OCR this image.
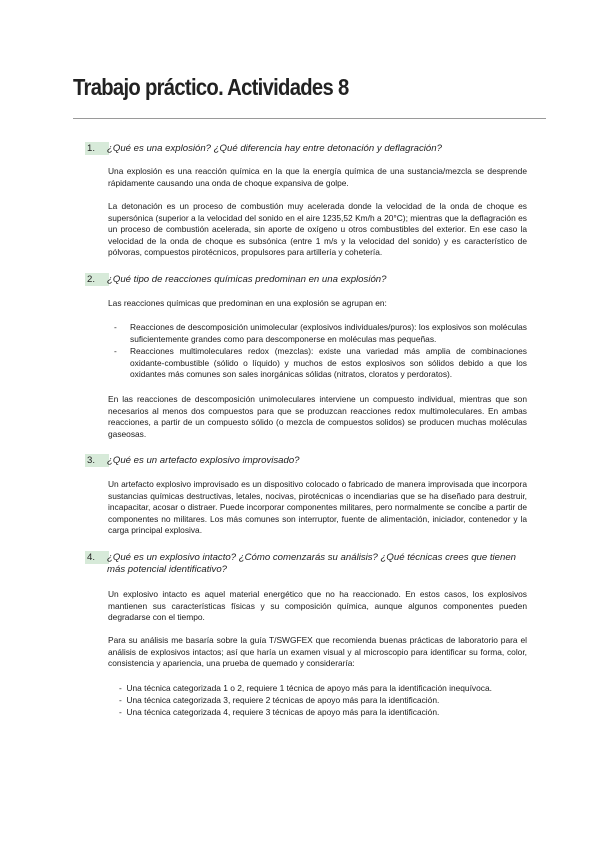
Trabajo práctico. Actividades 8
1.	¿Qué es una explosión? ¿Qué diferencia hay entre detonación y deflagración?
Una explosión es una reacción química en la que la energía química de una sustancia/mezcla se desprende rápidamente causando una onda de choque expansiva de golpe.
La detonación es un proceso de combustión muy acelerada donde la velocidad de la onda de choque es supersónica (superior a la velocidad del sonido en el aire 1235,52 Km/h a 20°C); mientras que la deflagración es un proceso de combustión acelerada, sin aporte de oxígeno u otros combustibles del exterior. En ese caso la velocidad de la onda de choque es subsónica (entre 1 m/s y la velocidad del sonido) y es característico de pólvoras, compuestos pirotécnicos, propulsores para artillería y cohetería.
2.	¿Qué tipo de reacciones químicas predominan en una explosión?
Las reacciones químicas que predominan en una explosión se agrupan en:
- Reacciones de descomposición unimolecular (explosivos individuales/puros): los explosivos son moléculas suficientemente grandes como para descomponerse en moléculas mas pequeñas.
- Reacciones multimoleculares redox (mezclas): existe una variedad más amplia de combinaciones oxidante-combustible (sólido o líquido) y muchos de estos explosivos son sólidos debido a que los oxidantes más comunes son sales inorgánicas sólidas (nitratos, cloratos y perdoratos).
En las reacciones de descomposición unimoleculares interviene un compuesto individual, mientras que son necesarios al menos dos compuestos para que se produzcan reacciones redox multimoleculares. En ambas reacciones, a partir de un compuesto sólido (o mezcla de compuestos solidos) se producen muchas moléculas gaseosas.
3.	¿Qué es un artefacto explosivo improvisado?
Un artefacto explosivo improvisado es un dispositivo colocado o fabricado de manera improvisada que incorpora sustancias químicas destructivas, letales, nocivas, pirotécnicas o incendiarias que se ha diseñado para destruir, incapacitar, acosar o distraer. Puede incorporar componentes militares, pero normalmente se concibe a partir de componentes no militares. Los más comunes son interruptor, fuente de alimentación, iniciador, contenedor y la carga principal explosiva.
4.	¿Qué es un explosivo intacto? ¿Cómo comenzarás su análisis? ¿Qué técnicas crees que tienen más potencial identificativo?
Un explosivo intacto es aquel material energético que no ha reaccionado. En estos casos, los explosivos mantienen sus características físicas y su composición química, aunque algunos componentes pueden degradarse con el tiempo.
Para su análisis me basaría sobre la guía T/SWGFEX que recomienda buenas prácticas de laboratorio para el análisis de explosivos intactos; así que haría un examen visual y al microscopio para identificar su forma, color, consistencia y apariencia, una prueba de quemado y consideraría:
- Una técnica categorizada 1 o 2, requiere 1 técnica de apoyo más para la identificación inequívoca.
- Una técnica categorizada 3, requiere 2 técnicas de apoyo más para la identificación.
- Una técnica categorizada 4, requiere 3 técnicas de apoyo más para la identificación.
